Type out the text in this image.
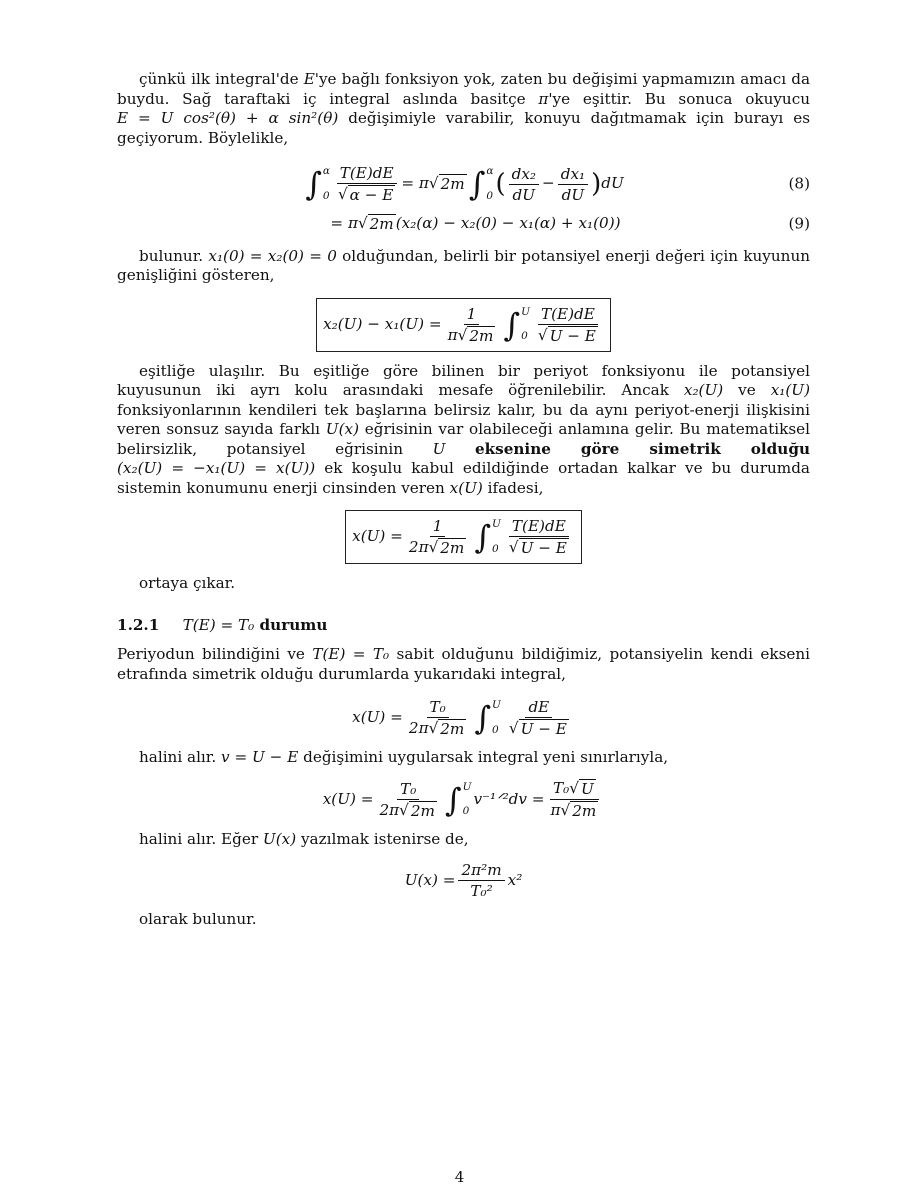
çünkü ilk integral'de E'ye bağlı fonksiyon yok, zaten bu değişimi yapmamızın amacı da buydu. Sağ taraftaki iç integral aslında basitçe π'ye eşittir. Bu sonuca okuyucu E = U cos²(θ) + α sin²(θ) değişimiyle varabilir, konuyu dağıtmamak için burayı es geçiyorum. Böylelikle,

∫ α
$0 \frac{T(E)dE}{√ \alpha - E} = \pi$ √ 2m ∫ α
0 ( $\frac{\text{dx₂}}{dU} - \frac{\text{dx₁}}{dU}$ ) dU	(8)
= π √ 2m (x₂(α) − x₂(0) − x₁(α) + x₁(0))	(9)

bulunur. x₁(0) = x₂(0) = 0 olduğundan, belirli bir potansiyel enerji değeri için kuyunun genişliğini gösteren,

$x_2(U) - x_1(U) = \frac{1}{\pi √ 2m}$ ∫ U
$0 \frac{T(E)dE}{√ U - E}$

eşitliğe ulaşılır. Bu eşitliğe göre bilinen bir periyot fonksiyonu ile potansiyel kuyusunun iki ayrı kolu arasındaki mesafe öğrenilebilir. Ancak x₂(U) ve x₁(U) fonksiyonlarının kendileri tek başlarına belirsiz kalır, bu da aynı periyot-enerji ilişkisini veren sonsuz sayıda farklı U(x) eğrisinin var olabileceği anlamına gelir. Bu matematiksel belirsizlik, potansiyel eğrisinin U eksenine göre simetrik olduğu (x₂(U) = −x₁(U) = x(U)) ek koşulu kabul edildiğinde ortadan kalkar ve bu durumda sistemin konumunu enerji cinsinden veren x(U) ifadesi,

$x(U) = \frac{1}{2\pi √ 2m}$ ∫ U
$0 \frac{T(E)dE}{√ U - E}$

ortaya çıkar.

1.2.1 T(E) = T₀ durumu

Periyodun bilindiğini ve T(E) = T₀ sabit olduğunu bildiğimiz, potansiyelin kendi ekseni etrafında simetrik olduğu durumlarda yukarıdaki integral,

$x(U) = \frac{\text{T₀}}{2\pi √ 2m}$ ∫ U
$0 \frac{dE}{√ U - E}$

halini alır. v = U − E değişimini uygularsak integral yeni sınırlarıyla,

$x(U) = \frac{\text{T₀}}{2\pi √ 2m}$ ∫ U
0
v⁻¹ᐟ²dv = $\frac{\text{T₀ √ U}}{\pi √ 2m}$

halini alır. Eğer U(x) yazılmak istenirse de,

$U(x) = \frac{\text{2π²m}}{\text{T₀²}} x^2$

olarak bulunur.

4
